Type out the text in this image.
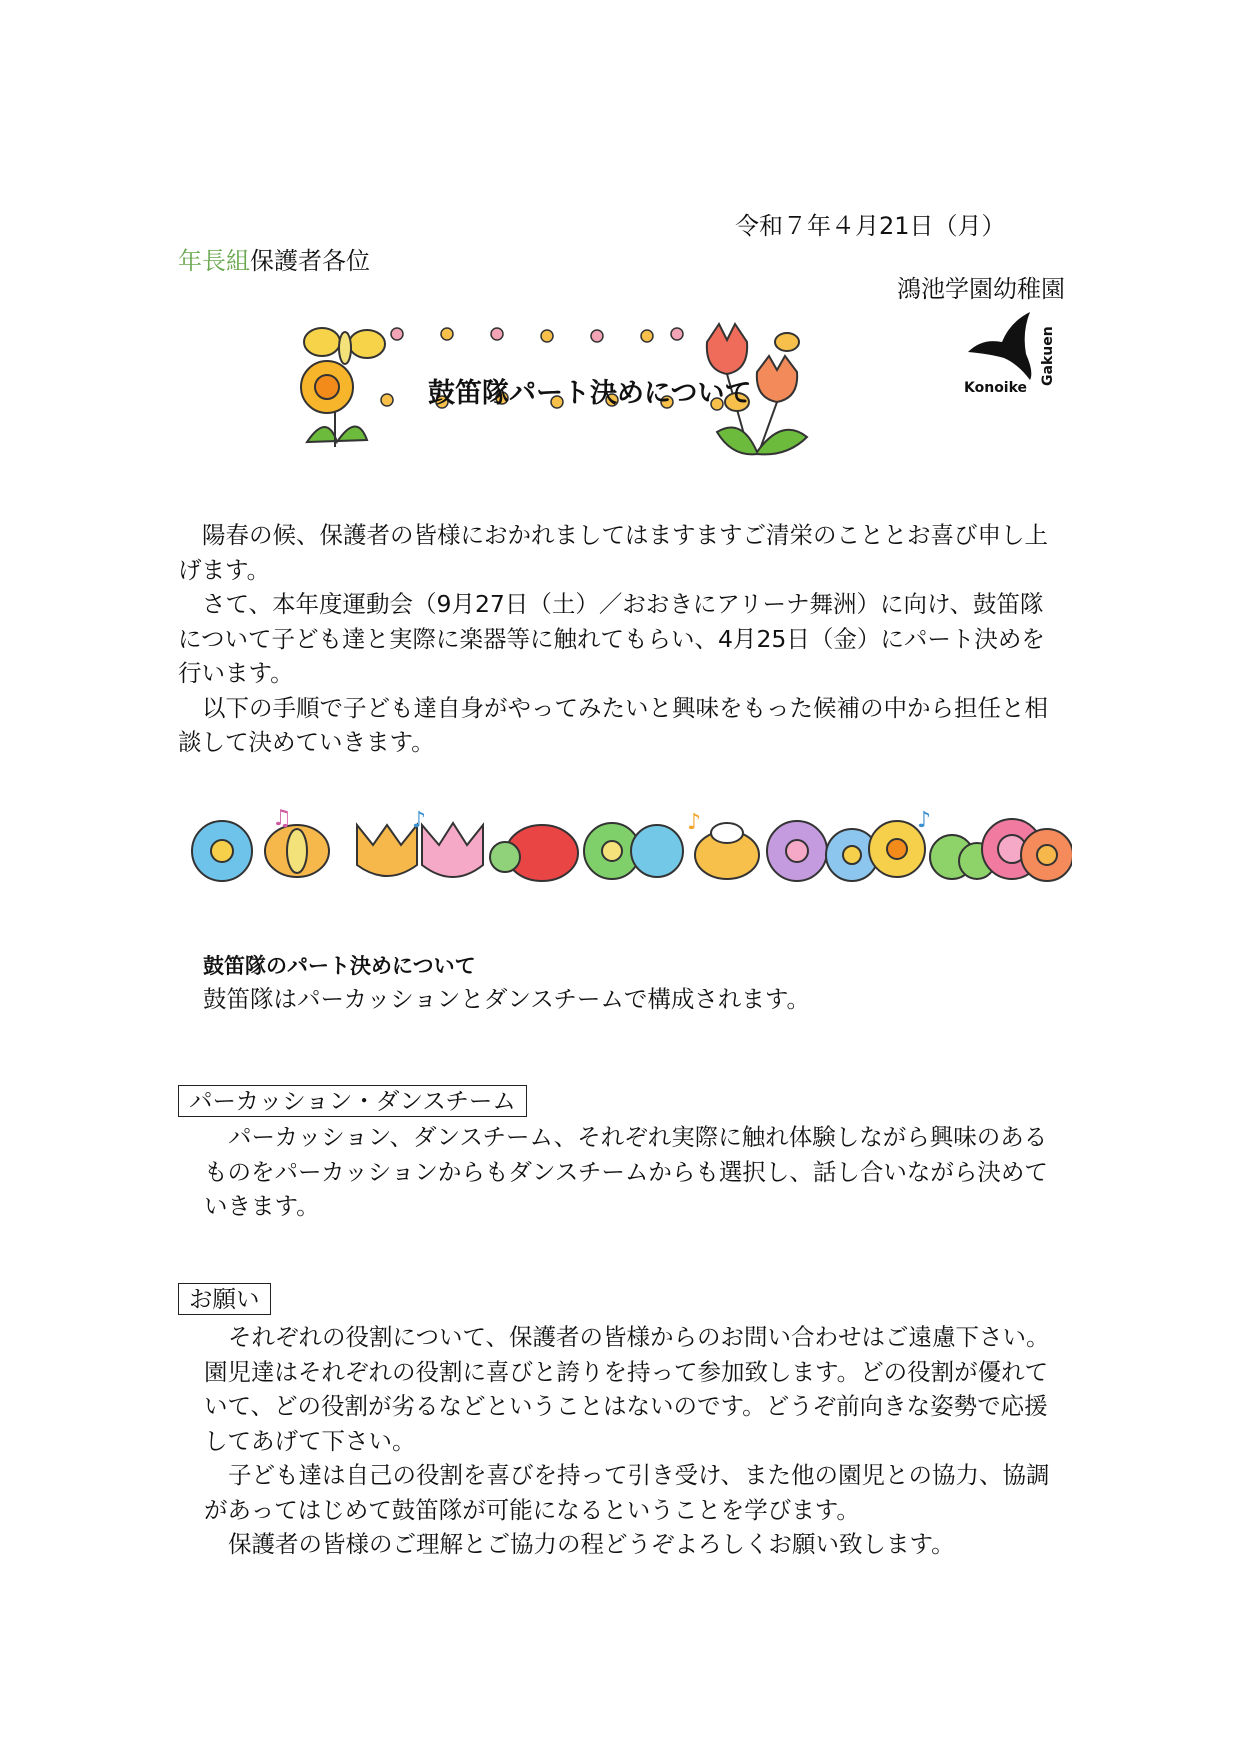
令和７年４月21日（月）
年長組保護者各位
鴻池学園幼稚園
Konoike
Gakuen
鼓笛隊パート決めについて

陽春の候、保護者の皆様におかれましてはますますご清栄のこととお喜び申し上げます。

さて、本年度運動会（9月27日（土）／おおきにアリーナ舞洲）に向け、鼓笛隊について子ども達と実際に楽器等に触れてもらい、4月25日（金）にパート決めを行います。

以下の手順で子ども達自身がやってみたいと興味をもった候補の中から担任と相談して決めていきます。

♫	♪	♪	♪
鼓笛隊のパート決めについて
鼓笛隊はパーカッションとダンスチームで構成されます。
パーカッション・ダンスチーム

パーカッション、ダンスチーム、それぞれ実際に触れ体験しながら興味のあるものをパーカッションからもダンスチームからも選択し、話し合いながら決めていきます。

お願い

それぞれの役割について、保護者の皆様からのお問い合わせはご遠慮下さい。園児達はそれぞれの役割に喜びと誇りを持って参加致します。どの役割が優れていて、どの役割が劣るなどということはないのです。どうぞ前向きな姿勢で応援してあげて下さい。

子ども達は自己の役割を喜びを持って引き受け、また他の園児との協力、協調があってはじめて鼓笛隊が可能になるということを学びます。

保護者の皆様のご理解とご協力の程どうぞよろしくお願い致します。
